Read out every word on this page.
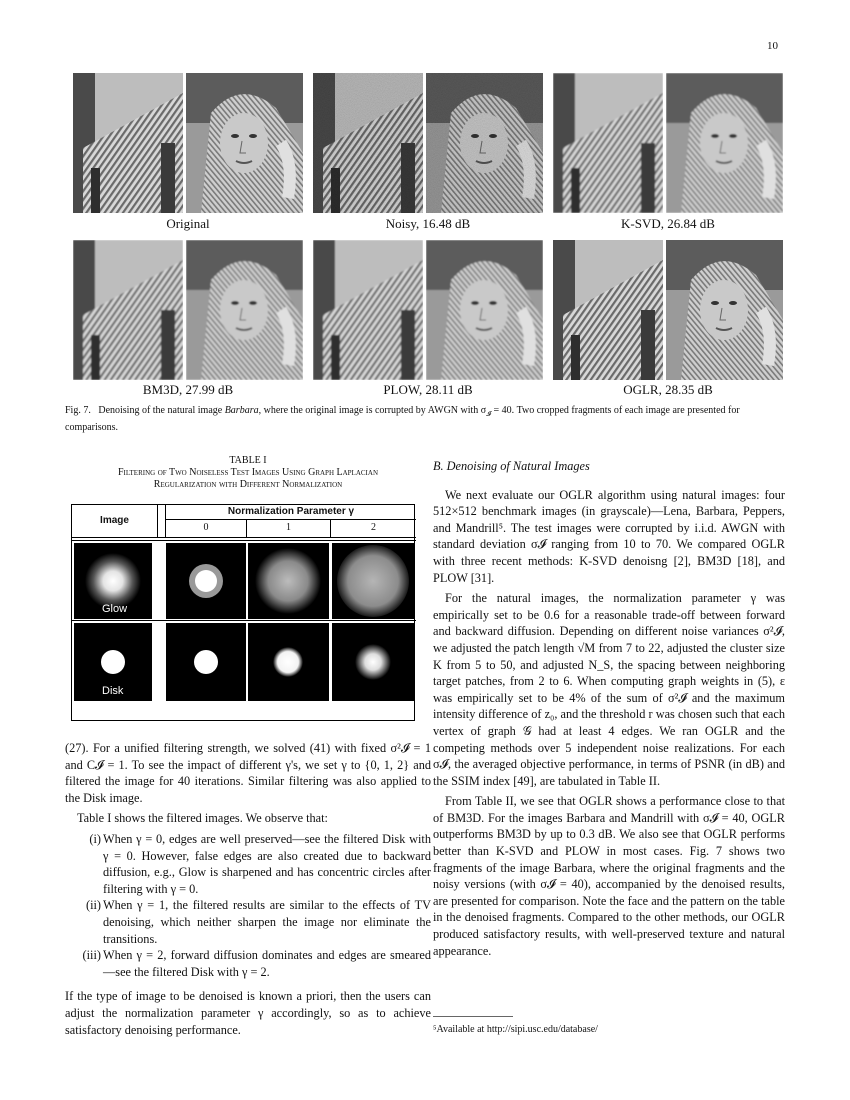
10
Original	Noisy, 16.48 dB	K-SVD, 26.84 dB
BM3D, 27.99 dB	PLOW, 28.11 dB	OGLR, 28.35 dB
Fig. 7. Denoising of the natural image Barbara, where the original image is corrupted by AWGN with $\sigma_𝓘 = 40$. Two cropped fragments of each image are presented for comparisons.
TABLE I
Filtering of Two Noiseless Test Images Using Graph Laplacian
Regularization with Different Normalization
Image
Normalization Parameter γ
0	1	2
Glow
Disk

(27). For a unified filtering strength, we solved (41) with fixed σ²𝓘 = 1 and C𝓘 = 1. To see the impact of different γ's, we set γ to {0, 1, 2} and filtered the image for 40 iterations. Similar filtering was also applied to the Disk image.

Table I shows the filtered images. We observe that:

(i) When γ = 0, edges are well preserved—see the filtered Disk with γ = 0. However, false edges are also created due to backward diffusion, e.g., Glow is sharpened and has concentric circles after filtering with γ = 0.
(ii) When γ = 1, the filtered results are similar to the effects of TV denoising, which neither sharpen the image nor eliminate the transitions.
(iii) When γ = 2, forward diffusion dominates and edges are smeared—see the filtered Disk with γ = 2.

If the type of image to be denoised is known a priori, then the users can adjust the normalization parameter γ accordingly, so as to achieve satisfactory denoising performance.

B. Denoising of Natural Images

We next evaluate our OGLR algorithm using natural images: four 512×512 benchmark images (in grayscale)—Lena, Barbara, Peppers, and Mandrill⁵. The test images were corrupted by i.i.d. AWGN with standard deviation σ𝓘 ranging from 10 to 70. We compared OGLR with three recent methods: K-SVD denoisng [2], BM3D [18], and PLOW [31].

For the natural images, the normalization parameter γ was empirically set to be 0.6 for a reasonable trade-off between forward and backward diffusion. Depending on different noise variances σ²𝓘, we adjusted the patch length √M from 7 to 22, adjusted the cluster size K from 5 to 50, and adjusted N_S, the spacing between neighboring target patches, from 2 to 6. When computing graph weights in (5), ε was empirically set to be 4% of the sum of σ²𝓘 and the maximum intensity difference of z₀, and the threshold r was chosen such that each vertex of graph 𝒢 had at least 4 edges. We ran OGLR and the competing methods over 5 independent noise realizations. For each σ𝓘, the averaged objective performance, in terms of PSNR (in dB) and the SSIM index [49], are tabulated in Table II.

From Table II, we see that OGLR shows a performance close to that of BM3D. For the images Barbara and Mandrill with σ𝓘 = 40, OGLR outperforms BM3D by up to 0.3 dB. We also see that OGLR performs better than K-SVD and PLOW in most cases. Fig. 7 shows two fragments of the image Barbara, where the original fragments and the noisy versions (with σ𝓘 = 40), accompanied by the denoised results, are presented for comparison. Note the face and the pattern on the table in the denoised fragments. Compared to the other methods, our OGLR produced satisfactory results, with well-preserved texture and natural appearance.

⁵Available at http://sipi.usc.edu/database/
